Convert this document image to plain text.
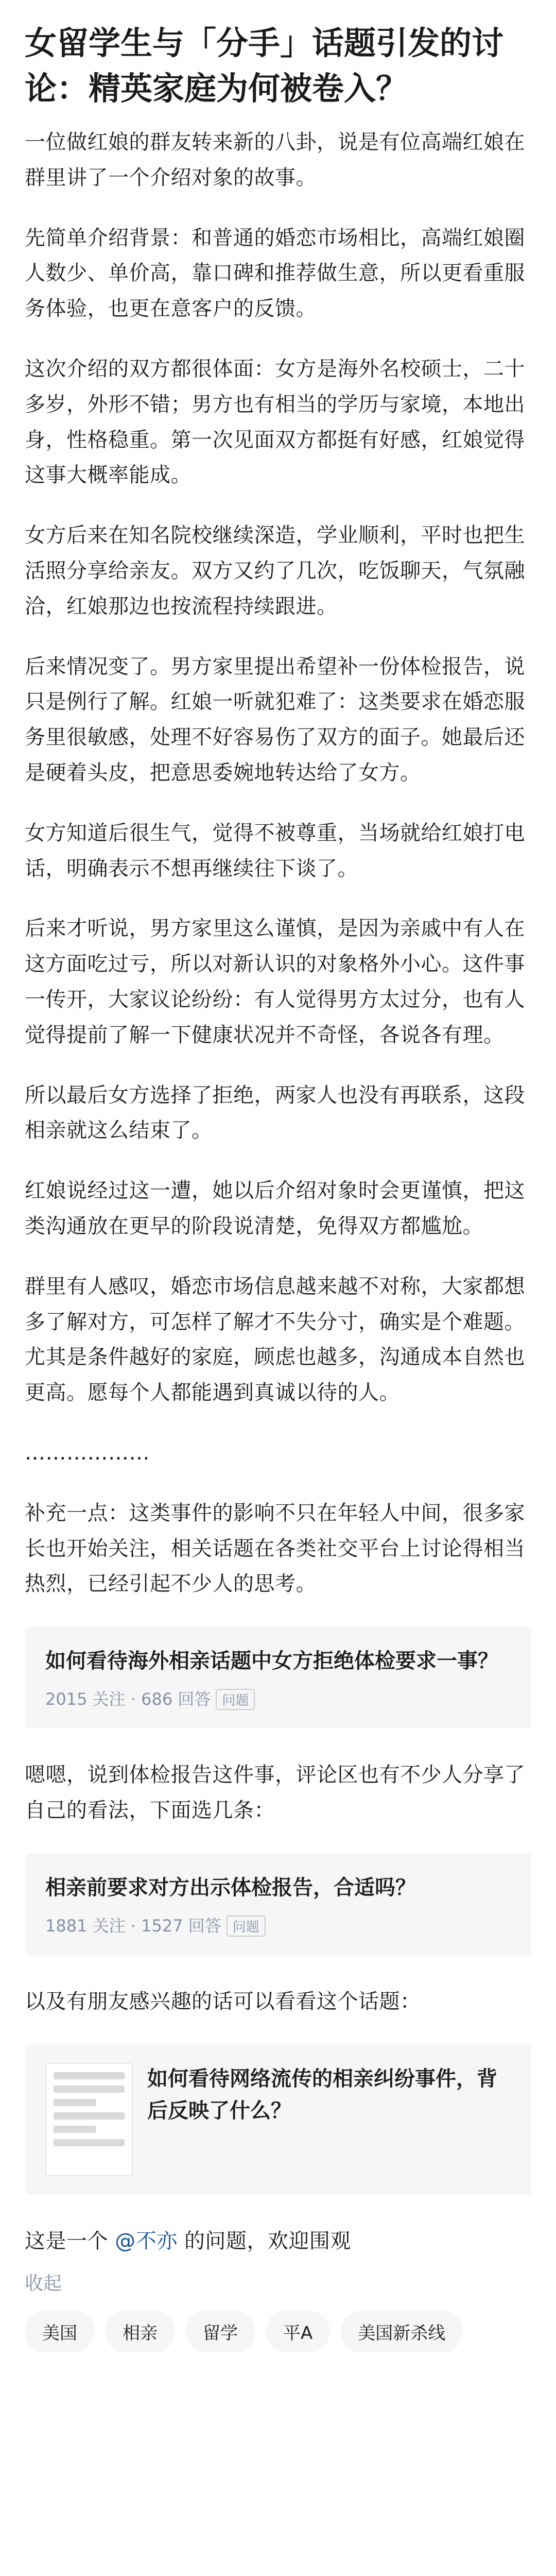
女留学生与「分手」话题引发的讨论：精英家庭为何被卷入？
一位做红娘的群友转来新的八卦，说是有位高端红娘在群里讲了一个介绍对象的故事。
先简单介绍背景：和普通的婚恋市场相比，高端红娘圈人数少、单价高，靠口碑和推荐做生意，所以更看重服务体验，也更在意客户的反馈。
这次介绍的双方都很体面：女方是海外名校硕士，二十多岁，外形不错；男方也有相当的学历与家境，本地出身，性格稳重。第一次见面双方都挺有好感，红娘觉得这事大概率能成。
女方后来在知名院校继续深造，学业顺利，平时也把生活照分享给亲友。双方又约了几次，吃饭聊天，气氛融洽，红娘那边也按流程持续跟进。
后来情况变了。男方家里提出希望补一份体检报告，说只是例行了解。红娘一听就犯难了：这类要求在婚恋服务里很敏感，处理不好容易伤了双方的面子。她最后还是硬着头皮，把意思委婉地转达给了女方。
女方知道后很生气，觉得不被尊重，当场就给红娘打电话，明确表示不想再继续往下谈了。
后来才听说，男方家里这么谨慎，是因为亲戚中有人在这方面吃过亏，所以对新认识的对象格外小心。这件事一传开，大家议论纷纷：有人觉得男方太过分，也有人觉得提前了解一下健康状况并不奇怪，各说各有理。
所以最后女方选择了拒绝，两家人也没有再联系，这段相亲就这么结束了。
红娘说经过这一遭，她以后介绍对象时会更谨慎，把这类沟通放在更早的阶段说清楚，免得双方都尴尬。
群里有人感叹，婚恋市场信息越来越不对称，大家都想多了解对方，可怎样了解才不失分寸，确实是个难题。尤其是条件越好的家庭，顾虑也越多，沟通成本自然也更高。愿每个人都能遇到真诚以待的人。
………………
补充一点：这类事件的影响不只在年轻人中间，很多家长也开始关注，相关话题在各类社交平台上讨论得相当热烈，已经引起不少人的思考。
如何看待海外相亲话题中女方拒绝体检要求一事？
2015 关注 · 686 回答 问题
嗯嗯，说到体检报告这件事，评论区也有不少人分享了自己的看法，下面选几条：
相亲前要求对方出示体检报告，合适吗？
1881 关注 · 1527 回答 问题
以及有朋友感兴趣的话可以看看这个话题：
如何看待网络流传的相亲纠纷事件，背后反映了什么？
这是一个 @不亦 的问题，欢迎围观
收起
美国	相亲	留学	平A	美国新杀线
